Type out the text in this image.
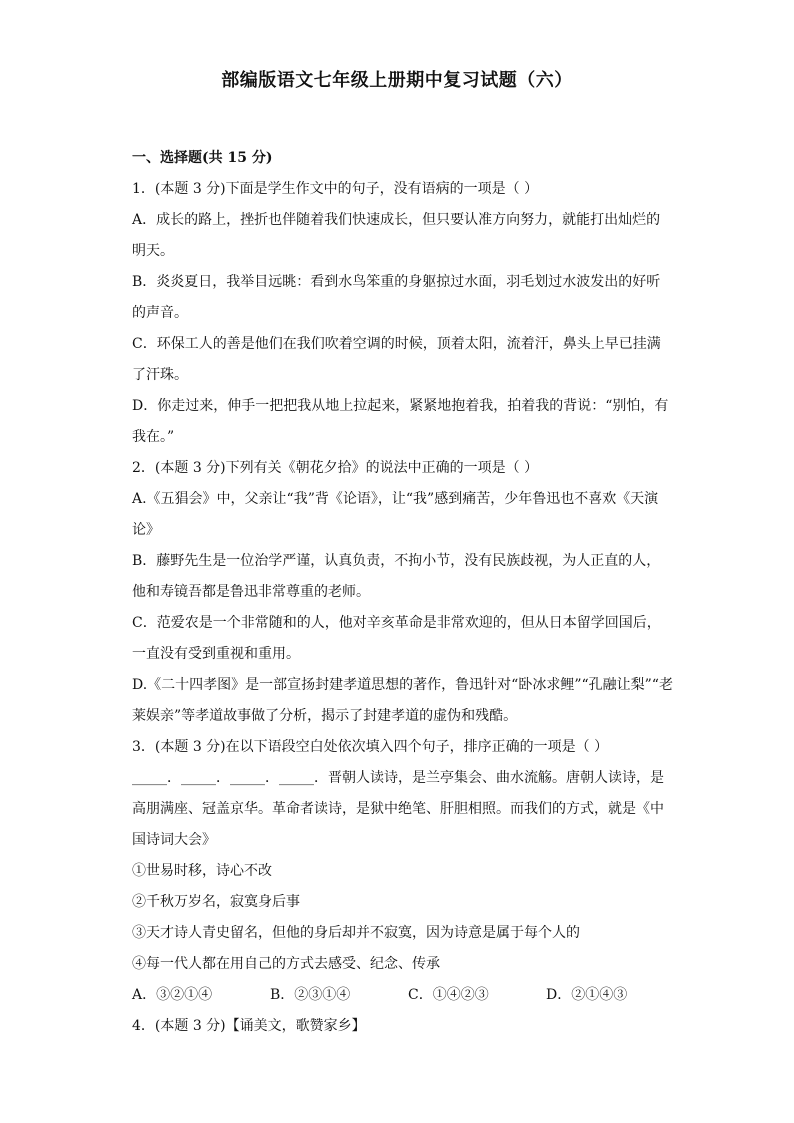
部编版语文七年级上册期中复习试题（六）
一、选择题(共 15 分)
1．(本题 3 分)下面是学生作文中的句子，没有语病的一项是（ ）
A．成长的路上，挫折也伴随着我们快速成长，但只要认准方向努力，就能打出灿烂的
明天。
B．炎炎夏日，我举目远眺：看到水鸟笨重的身躯掠过水面，羽毛划过水波发出的好听
的声音。
C．环保工人的善是他们在我们吹着空调的时候，顶着太阳，流着汗，鼻头上早已挂满
了汗珠。
D．你走过来，伸手一把把我从地上拉起来，紧紧地抱着我，拍着我的背说：“别怕，有
我在。”
2．(本题 3 分)下列有关《朝花夕拾》的说法中正确的一项是（ ）
A.《五猖会》中，父亲让“我”背《论语》，让“我”感到痛苦，少年鲁迅也不喜欢《天演
论》
B．藤野先生是一位治学严谨，认真负责，不拘小节，没有民族歧视，为人正直的人，
他和寿镜吾都是鲁迅非常尊重的老师。
C．范爱农是一个非常随和的人，他对辛亥革命是非常欢迎的，但从日本留学回国后，
一直没有受到重视和重用。
D.《二十四孝图》是一部宣扬封建孝道思想的著作，鲁迅针对“卧冰求鲤”“孔融让梨”“老
莱娱亲”等孝道故事做了分析，揭示了封建孝道的虚伪和残酷。
3．(本题 3 分)在以下语段空白处依次填入四个句子，排序正确的一项是（ ）
_____．_____．_____．_____．晋朝人读诗，是兰亭集会、曲水流觞。唐朝人读诗，是
高朋满座、冠盖京华。革命者读诗，是狱中绝笔、肝胆相照。而我们的方式，就是《中
国诗词大会》
①世易时移，诗心不改
②千秋万岁名，寂寞身后事
③天才诗人青史留名，但他的身后却并不寂寞，因为诗意是属于每个人的
④每一代人都在用自己的方式去感受、纪念、传承
A．③②①④	B．②③①④	C．①④②③	D．②①④③
4．(本题 3 分)【诵美文，歌赞家乡】
